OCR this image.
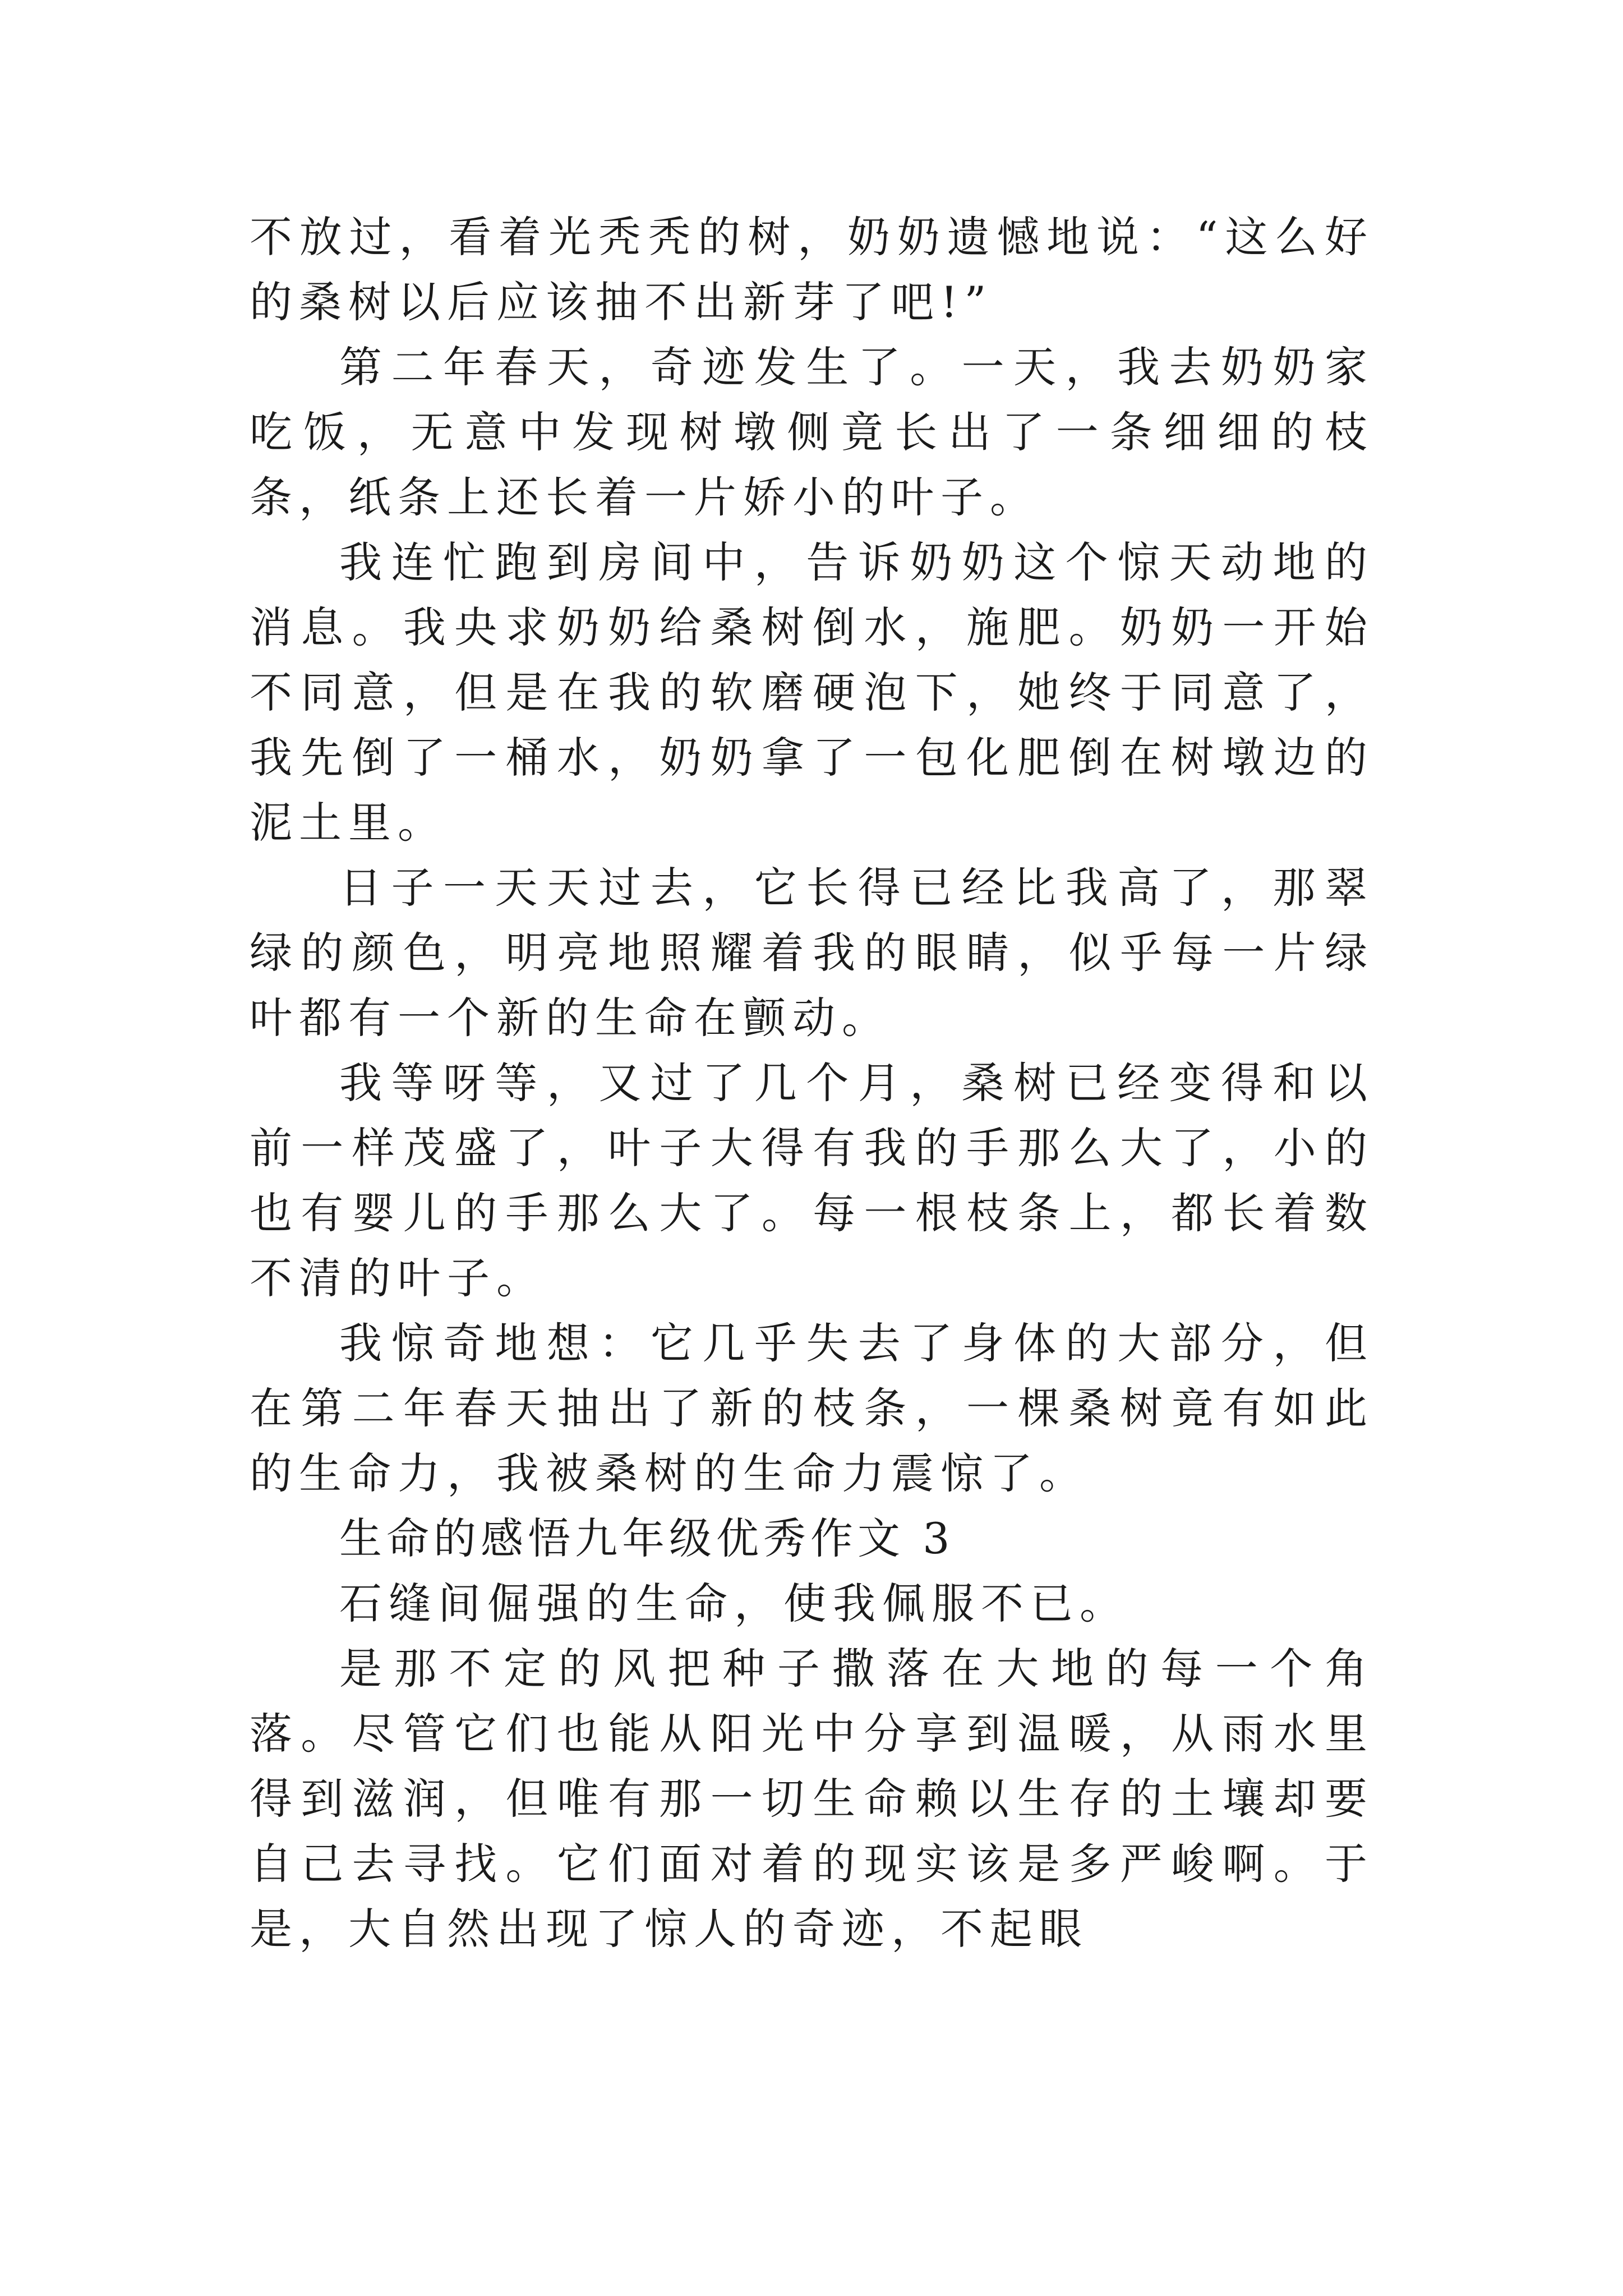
不放过，看着光秃秃的树，奶奶遗憾地说：“这么好的桑树以后应该抽不出新芽了吧!”

第二年春天，奇迹发生了。一天，我去奶奶家吃饭，无意中发现树墩侧竟长出了一条细细的枝条，纸条上还长着一片娇小的叶子。

我连忙跑到房间中，告诉奶奶这个惊天动地的消息。我央求奶奶给桑树倒水，施肥。奶奶一开始不同意，但是在我的软磨硬泡下，她终于同意了，我先倒了一桶水，奶奶拿了一包化肥倒在树墩边的泥土里。

日子一天天过去，它长得已经比我高了，那翠绿的颜色，明亮地照耀着我的眼睛，似乎每一片绿叶都有一个新的生命在颤动。

我等呀等，又过了几个月，桑树已经变得和以前一样茂盛了，叶子大得有我的手那么大了，小的也有婴儿的手那么大了。每一根枝条上，都长着数不清的叶子。

我惊奇地想：它几乎失去了身体的大部分，但在第二年春天抽出了新的枝条，一棵桑树竟有如此的生命力，我被桑树的生命力震惊了。

生命的感悟九年级优秀作文 3

石缝间倔强的生命，使我佩服不已。

是那不定的风把种子撒落在大地的每一个角落。尽管它们也能从阳光中分享到温暖，从雨水里得到滋润，但唯有那一切生命赖以生存的土壤却要自己去寻找。它们面对着的现实该是多严峻啊。于是，大自然出现了惊人的奇迹，不起眼
